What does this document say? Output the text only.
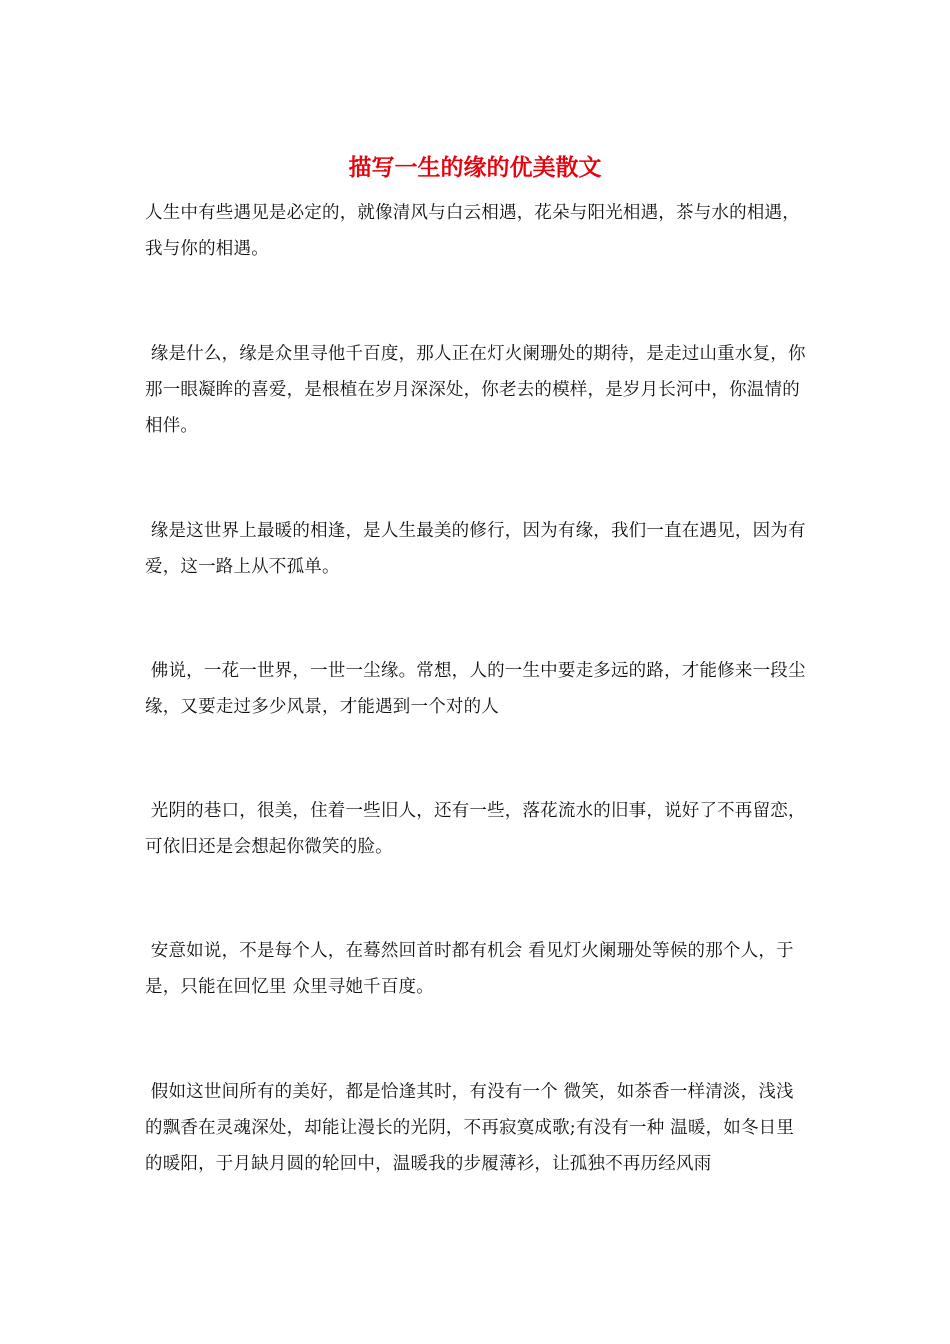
描写一生的缘的优美散文

人生中有些遇见是必定的，就像清风与白云相遇，花朵与阳光相遇，茶与水的相遇，我与你的相遇。

缘是什么，缘是众里寻他千百度，那人正在灯火阑珊处的期待，是走过山重水复，你那一眼凝眸的喜爱，是根植在岁月深深处，你老去的模样，是岁月长河中，你温情的相伴。

缘是这世界上最暖的相逢，是人生最美的修行，因为有缘，我们一直在遇见，因为有爱，这一路上从不孤单。

佛说，一花一世界，一世一尘缘。常想，人的一生中要走多远的路，才能修来一段尘缘，又要走过多少风景，才能遇到一个对的人

光阴的巷口，很美，住着一些旧人，还有一些，落花流水的旧事，说好了不再留恋，可依旧还是会想起你微笑的脸。

安意如说，不是每个人，在蓦然回首时都有机会 看见灯火阑珊处等候的那个人，于是，只能在回忆里 众里寻她千百度。

假如这世间所有的美好，都是恰逢其时，有没有一个 微笑，如茶香一样清淡，浅浅的飘香在灵魂深处，却能让漫长的光阴，不再寂寞成歌;有没有一种 温暖，如冬日里的暖阳，于月缺月圆的轮回中，温暖我的步履薄衫，让孤独不再历经风雨
